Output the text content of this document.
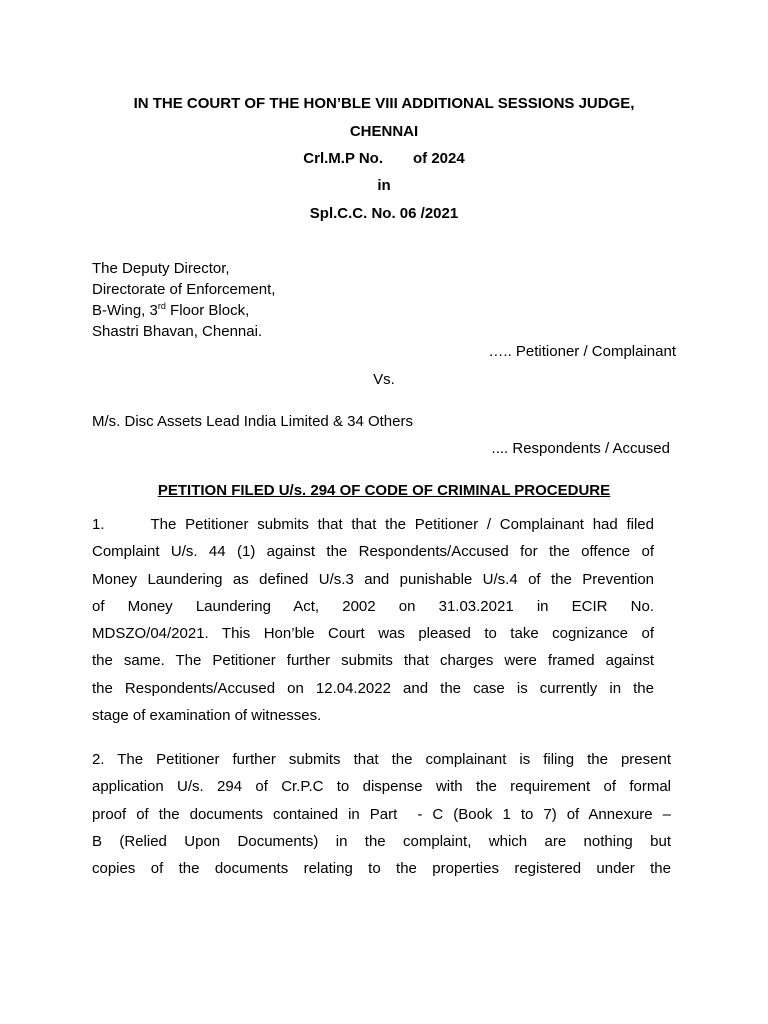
IN THE COURT OF THE HON’BLE VIII ADDITIONAL SESSIONS JUDGE,
CHENNAI
Crl.M.P No. of 2024
in
Spl.C.C. No. 06 /2021
The Deputy Director,
Directorate of Enforcement,
B-Wing, 3rd Floor Block,
Shastri Bhavan, Chennai.
….. Petitioner / Complainant
Vs.
M/s. Disc Assets Lead India Limited & 34 Others
.... Respondents / Accused
PETITION FILED U/s. 294 OF CODE OF CRIMINAL PROCEDURE
1.	The Petitioner submits that that the Petitioner / Complainant had filed
Complaint U/s. 44 (1) against the Respondents/Accused for the offence of
Money Laundering as defined U/s.3 and punishable U/s.4 of the Prevention
of Money Laundering Act, 2002 on 31.03.2021 in ECIR No.
MDSZO/04/2021. This Hon’ble Court was pleased to take cognizance of
the same. The Petitioner further submits that charges were framed against
the Respondents/Accused on 12.04.2022 and the case is currently in the
stage of examination of witnesses.
2. The Petitioner further submits that the complainant is filing the present
application U/s. 294 of Cr.P.C to dispense with the requirement of formal
proof of the documents contained in Part  - C (Book 1 to 7) of Annexure –
B (Relied Upon Documents) in the complaint, which are nothing but
copies of the documents relating to the properties registered under the
